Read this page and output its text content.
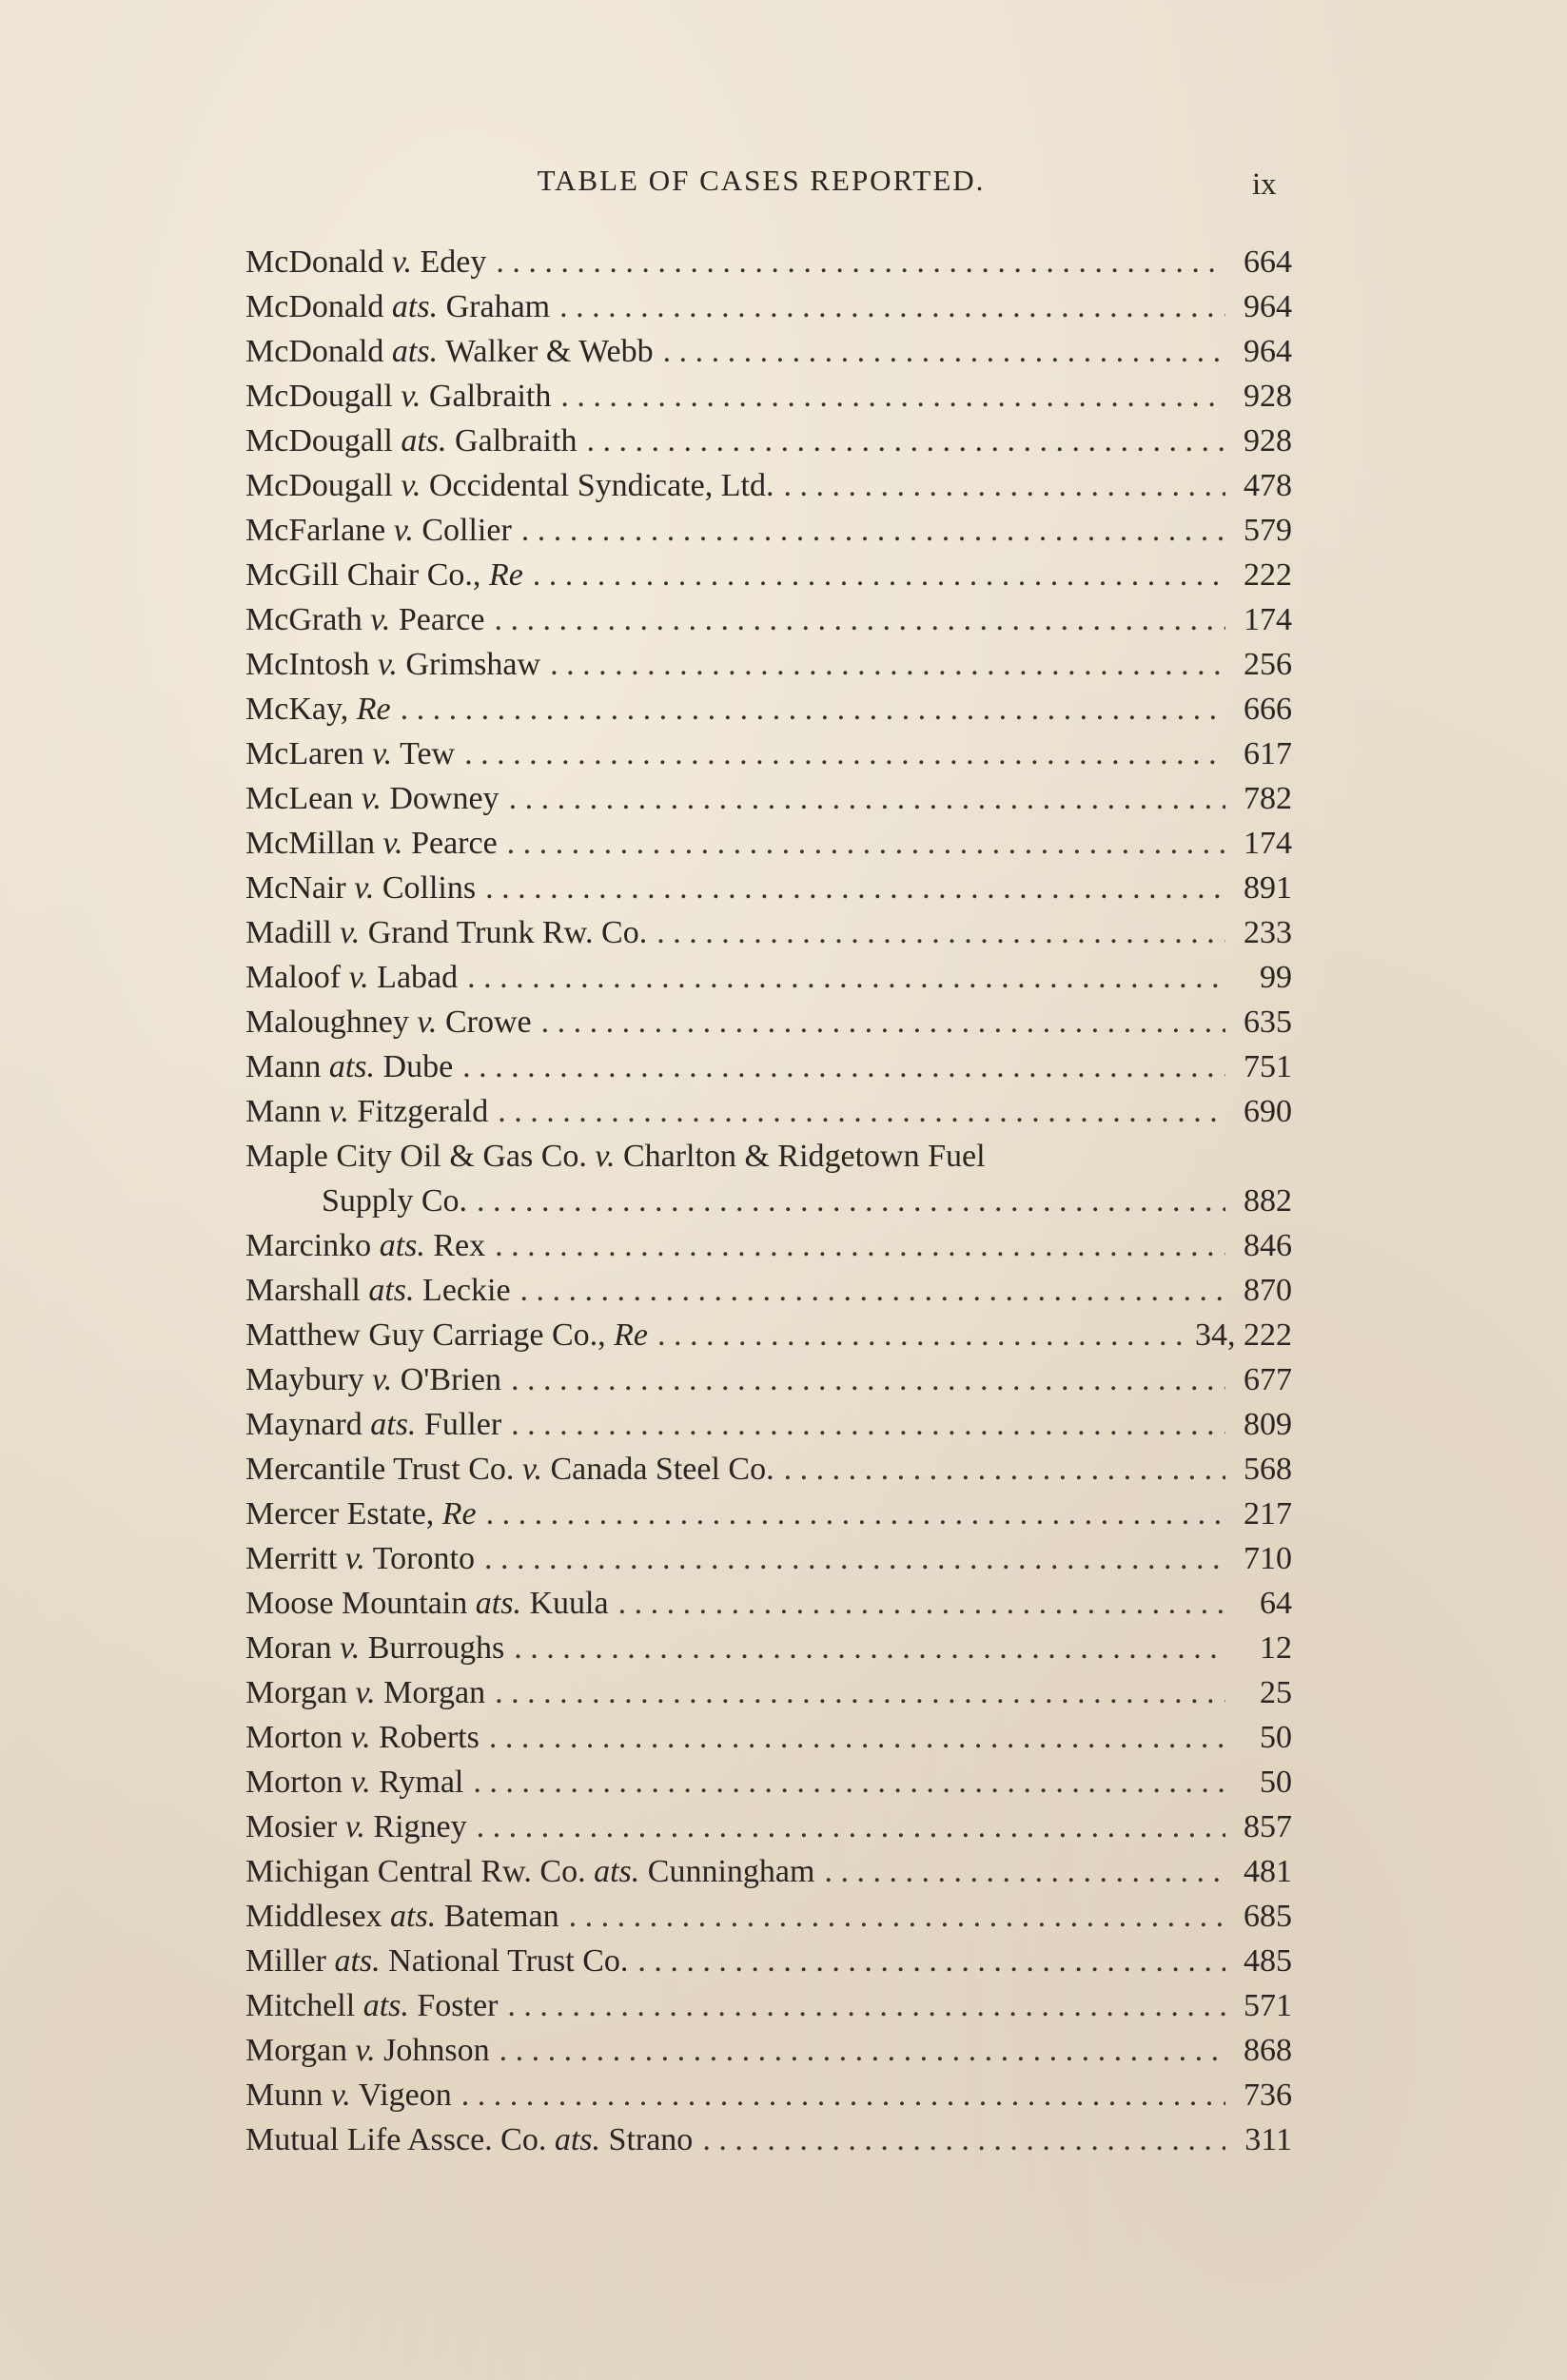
TABLE OF CASES REPORTED.	ix
McDonald v. Edey . . .	664
McDonald ats. Graham . . .	964
McDonald ats. Walker & Webb . . .	964
McDougall v. Galbraith . . .	928
McDougall ats. Galbraith . . .	928
McDougall v. Occidental Syndicate, Ltd. . . .	478
McFarlane v. Collier . . .	579
McGill Chair Co., Re . . .	222
McGrath v. Pearce . . .	174
McIntosh v. Grimshaw . . .	256
McKay, Re . . .	666
McLaren v. Tew . . .	617
McLean v. Downey . . .	782
McMillan v. Pearce . . .	174
McNair v. Collins . . .	891
Madill v. Grand Trunk Rw. Co. . . .	233
Maloof v. Labad . . .	99
Maloughney v. Crowe . . .	635
Mann ats. Dube . . .	751
Mann v. Fitzgerald . . .	690
Maple City Oil & Gas Co. v. Charlton & Ridgetown Fuel
Supply Co. . . .	882
Marcinko ats. Rex . . .	846
Marshall ats. Leckie . . .	870
Matthew Guy Carriage Co., Re . . .	34, 222
Maybury v. O'Brien . . .	677
Maynard ats. Fuller . . .	809
Mercantile Trust Co. v. Canada Steel Co. . . .	568
Mercer Estate, Re . . .	217
Merritt v. Toronto . . .	710
Moose Mountain ats. Kuula . . .	64
Moran v. Burroughs . . .	12
Morgan v. Morgan . . .	25
Morton v. Roberts . . .	50
Morton v. Rymal . . .	50
Mosier v. Rigney . . .	857
Michigan Central Rw. Co. ats. Cunningham . . .	481
Middlesex ats. Bateman . . .	685
Miller ats. National Trust Co. . . .	485
Mitchell ats. Foster . . .	571
Morgan v. Johnson . . .	868
Munn v. Vigeon . . .	736
Mutual Life Assce. Co. ats. Strano . . .	311
